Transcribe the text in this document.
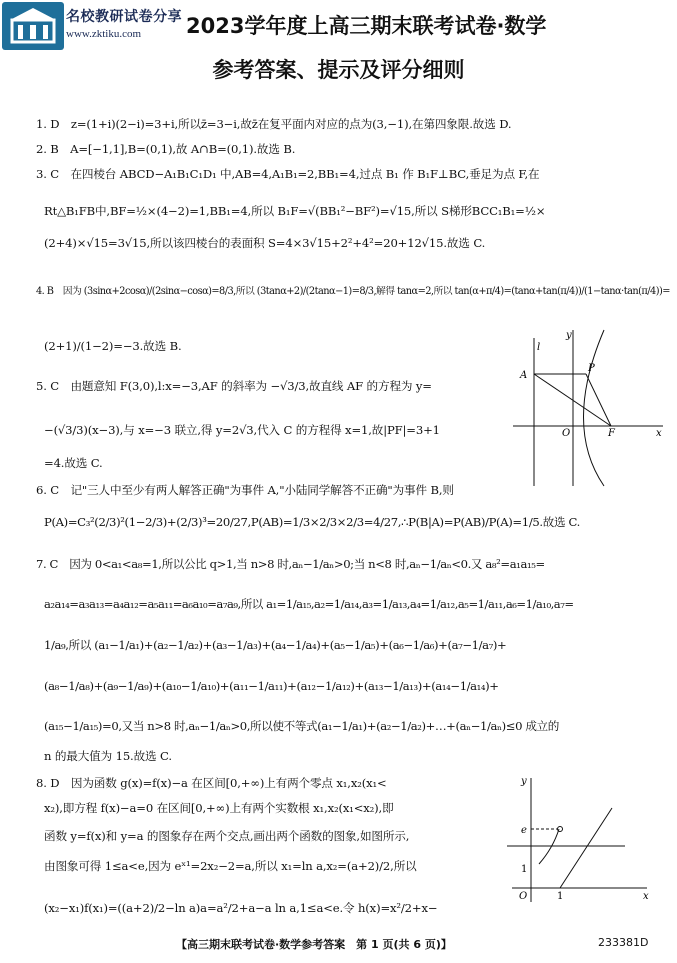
名校教研试卷分享
www.zktiku.com 2023学年度上高三期末联考试卷·数学
参考答案、提示及评分细则
1. D　z=(1+i)(2−i)=3+i,所以z̄=3−i,故z̄在复平面内对应的点为(3,−1),在第四象限.故选 D.
2. B　A=[−1,1],B=(0,1),故 A∩B=(0,1).故选 B.
3. C　在四棱台 ABCD−A₁B₁C₁D₁ 中,AB=4,A₁B₁=2,BB₁=4,过点 B₁ 作 B₁F⊥BC,垂足为点 F,在
Rt△B₁FB中,BF=½×(4−2)=1,BB₁=4,所以 B₁F=√(BB₁²−BF²)=√15,所以 S梯形BCC₁B₁=½×
(2+4)×√15=3√15,所以该四棱台的表面积 S=4×3√15+2²+4²=20+12√15.故选 C.
4. B　因为 (3sinα+2cosα)/(2sinα−cosα)=8/3,所以 (3tanα+2)/(2tanα−1)=8/3,解得 tanα=2,所以 tan(α+π/4)=(tanα+tan(π/4))/(1−tanα·tan(π/4))=
(2+1)/(1−2)=−3.故选 B.
5. C　由题意知 F(3,0),l:x=−3,AF 的斜率为 −√3/3,故直线 AF 的方程为 y=
−(√3/3)(x−3),与 x=−3 联立,得 y=2√3,代入 C 的方程得 x=1,故|PF|=3+1
=4.故选 C.
6. C　记"三人中至少有两人解答正确"为事件 A,"小陆同学解答不正确"为事件 B,则
P(A)=C₃²(2/3)²(1−2/3)+(2/3)³=20/27,P(AB)=1/3×2/3×2/3=4/27,∴P(B|A)=P(AB)/P(A)=1/5.故选 C.
7. C　因为 0<a₁<a₈=1,所以公比 q>1,当 n>8 时,aₙ−1/aₙ>0;当 n<8 时,aₙ−1/aₙ<0.又 a₈²=a₁a₁₅=
a₂a₁₄=a₃a₁₃=a₄a₁₂=a₅a₁₁=a₆a₁₀=a₇a₉,所以 a₁=1/a₁₅,a₂=1/a₁₄,a₃=1/a₁₃,a₄=1/a₁₂,a₅=1/a₁₁,a₆=1/a₁₀,a₇=
1/a₉,所以 (a₁−1/a₁)+(a₂−1/a₂)+(a₃−1/a₃)+(a₄−1/a₄)+(a₅−1/a₅)+(a₆−1/a₆)+(a₇−1/a₇)+
(a₈−1/a₈)+(a₉−1/a₉)+(a₁₀−1/a₁₀)+(a₁₁−1/a₁₁)+(a₁₂−1/a₁₂)+(a₁₃−1/a₁₃)+(a₁₄−1/a₁₄)+
(a₁₅−1/a₁₅)=0,又当 n>8 时,aₙ−1/aₙ>0,所以使不等式(a₁−1/a₁)+(a₂−1/a₂)+…+(aₙ−1/aₙ)≤0 成立的
n 的最大值为 15.故选 C.
8. D　因为函数 g(x)=f(x)−a 在区间[0,+∞)上有两个零点 x₁,x₂(x₁<
x₂),即方程 f(x)−a=0 在区间[0,+∞)上有两个实数根 x₁,x₂(x₁<x₂),即
函数 y=f(x)和 y=a 的图象存在两个交点,画出两个函数的图象,如图所示,
由图象可得 1≤a<e,因为 eˣ¹=2x₂−2=a,所以 x₁=ln a,x₂=(a+2)/2,所以
(x₂−x₁)f(x₁)=((a+2)/2−ln a)a=a²/2+a−a ln a,1≤a<e.令 h(x)=x²/2+x−
y
l
A
P
O	F	x
y
e
1
O	1	x
【高三期末联考试卷·数学参考答案　第 1 页(共 6 页)】	233381D
